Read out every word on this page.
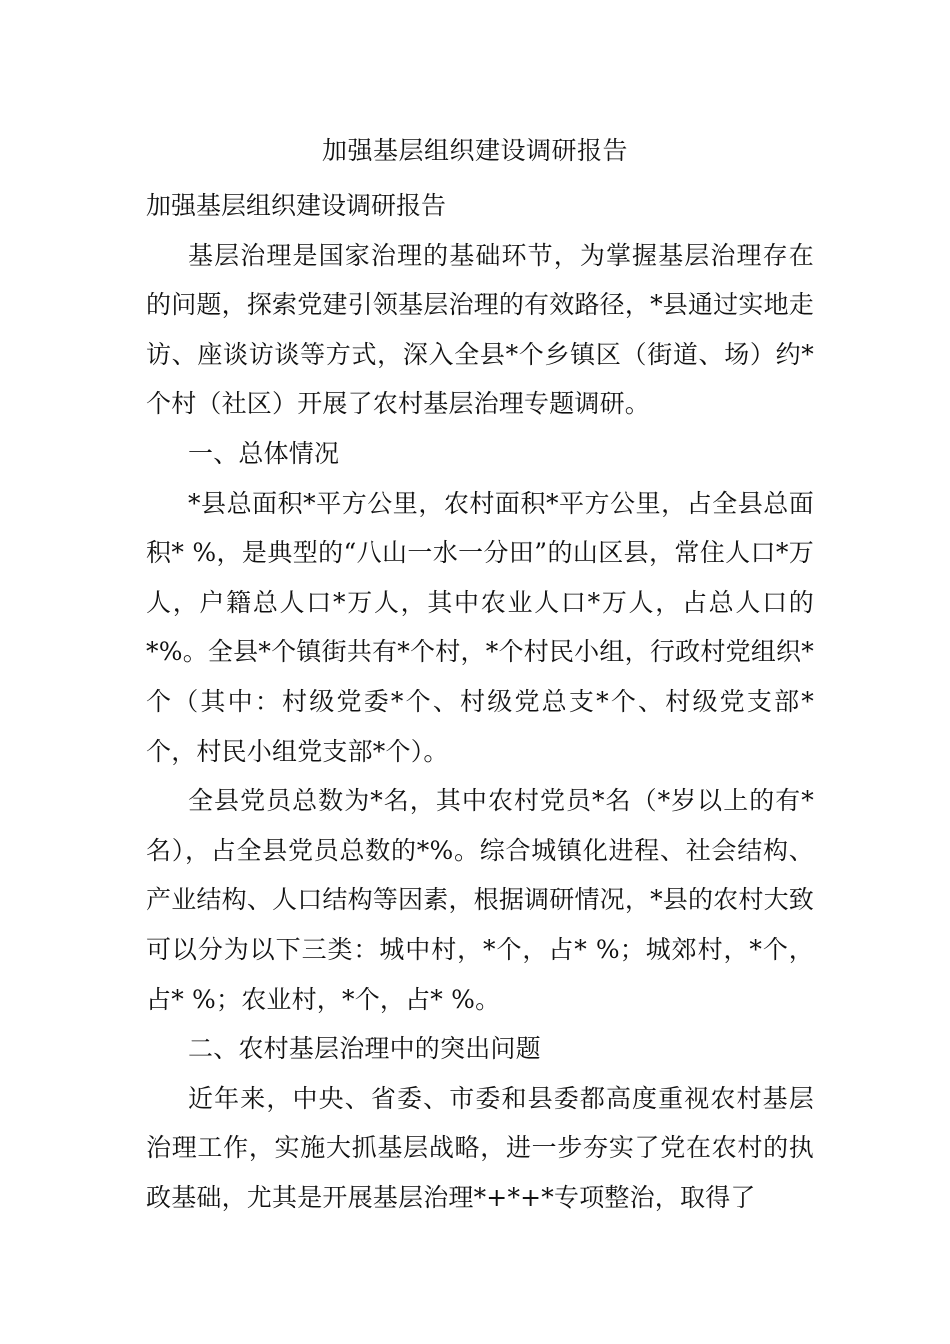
加强基层组织建设调研报告

加强基层组织建设调研报告

基层治理是国家治理的基础环节，为掌握基层治理存在的问题，探索党建引领基层治理的有效路径，*县通过实地走访、座谈访谈等方式，深入全县*个乡镇区（街道、场）约*个村（社区）开展了农村基层治理专题调研。

一、总体情况

*县总面积*平方公里，农村面积*平方公里，占全县总面积* %，是典型的“八山一水一分田”的山区县，常住人口*万人，户籍总人口*万人，其中农业人口*万人，占总人口的*%。全县*个镇街共有*个村，*个村民小组，行政村党组织*个（其中：村级党委*个、村级党总支*个、村级党支部*个，村民小组党支部*个）。

全县党员总数为*名，其中农村党员*名（*岁以上的有*名），占全县党员总数的*%。综合城镇化进程、社会结构、产业结构、人口结构等因素，根据调研情况，*县的农村大致可以分为以下三类：城中村，*个，占* %；城郊村，*个，占* %；农业村，*个，占* %。

二、农村基层治理中的突出问题

近年来，中央、省委、市委和县委都高度重视农村基层治理工作，实施大抓基层战略，进一步夯实了党在农村的执政基础，尤其是开展基层治理*+*+*专项整治，取得了
